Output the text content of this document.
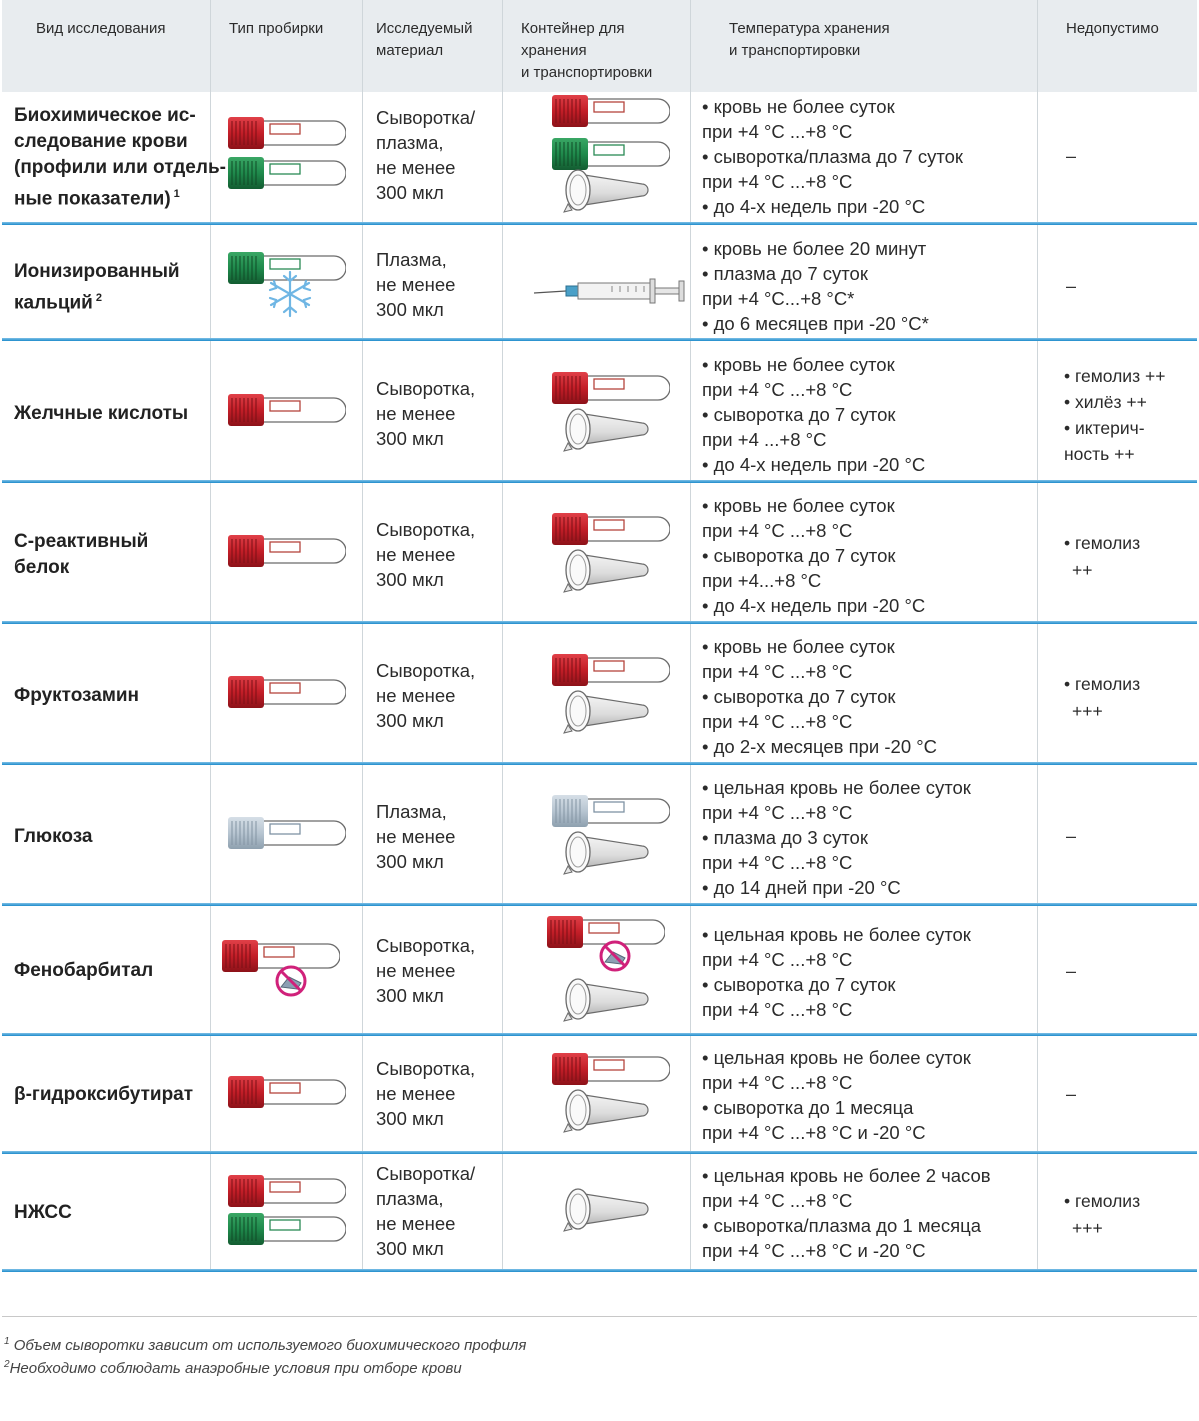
Вид исследования	Тип пробирки	Исследуемый
материал
Контейнер для
хранения
и транспортировки
Температура хранения
и транспортировки
Недопустимо
Биохимическое ис-
следование крови
(профили или отдель-
ные показатели) $^1$
Сыворотка/
плазма,
не менее
300 мкл
• кровь не более суток
при +4 °С ...+8 °С
• сыворотка/плазма до 7 суток
при +4 °С ...+8 °С
• до 4-х недель при -20 °С
–
Ионизированный
кальций $^2$
Плазма,
не менее
300 мкл
• кровь не более 20 минут
• плазма до 7 суток
при +4 °С...+8 °С*
• до 6 месяцев при -20 °С*
–
Желчные кислоты
Сыворотка,
не менее
300 мкл
• кровь не более суток
при +4 °С ...+8 °С
• сыворотка до 7 суток
при +4 ...+8 °С
• до 4-х недель при -20 °С
• гемолиз ++
• хилёз ++
• иктерич-
ность ++
С-реактивный
белок
Сыворотка,
не менее
300 мкл
• кровь не более суток
при +4 °С ...+8 °С
• сыворотка до 7 суток
при +4...+8 °С
• до 4-х недель при -20 °С
• гемолиз
++
Фруктозамин
Сыворотка,
не менее
300 мкл
• кровь не более суток
при +4 °С ...+8 °С
• сыворотка до 7 суток
при +4 °С ...+8 °С
• до 2-х месяцев при -20 °С
• гемолиз
+++
Глюкоза
Плазма,
не менее
300 мкл
• цельная кровь не более суток
при +4 °С ...+8 °С
• плазма до 3 суток
при +4 °С ...+8 °С
• до 14 дней при -20 °С
–
Фенобарбитал
Сыворотка,
не менее
300 мкл
• цельная кровь не более суток
при +4 °С ...+8 °С
• сыворотка до 7 суток
при +4 °С ...+8 °С
–
β-гидроксибутират
Сыворотка,
не менее
300 мкл
• цельная кровь не более суток
при +4 °С ...+8 °С
• сыворотка до 1 месяца
при +4 °С ...+8 °С и -20 °С
–
НЖСС
Сыворотка/
плазма,
не менее
300 мкл
• цельная кровь не более 2 часов
при +4 °С ...+8 °С
• сыворотка/плазма до 1 месяца
при +4 °С ...+8 °С и -20 °С
• гемолиз
+++
$^1$ Объем сыворотки зависит от используемого биохимического профиля
$^2$Необходимо соблюдать анаэробные условия при отборе крови
